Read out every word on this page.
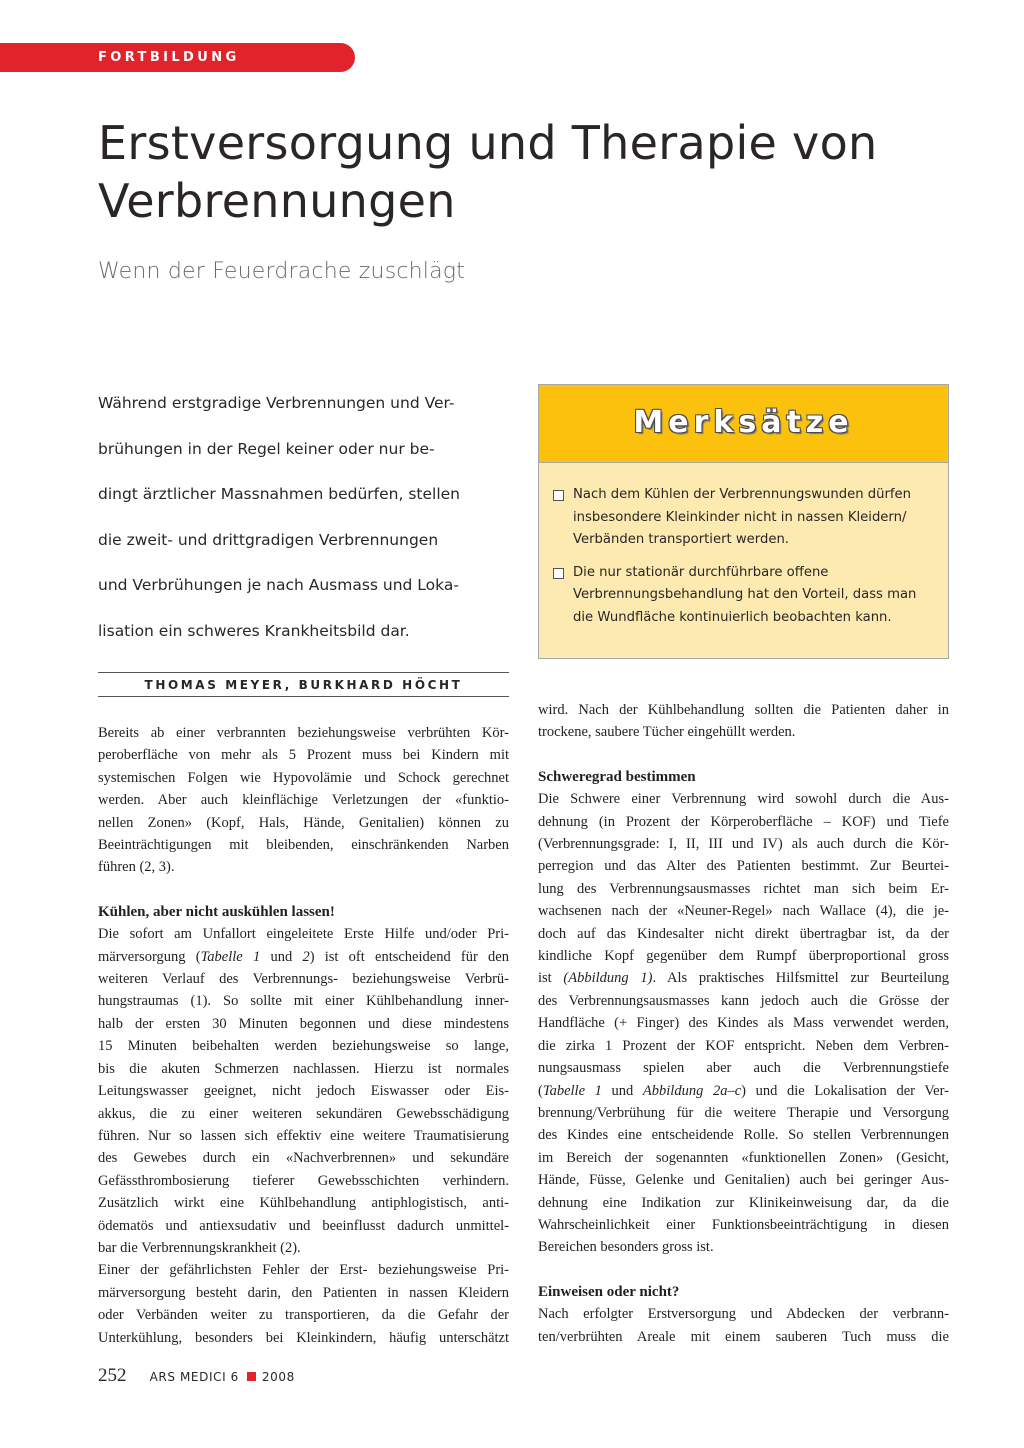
FORTBILDUNG
Erstversorgung und Therapie von Verbrennungen
Wenn der Feuerdrache zuschlägt
Während erstgradige Verbrennungen und Ver-
brühungen in der Regel keiner oder nur be-
dingt ärztlicher Massnahmen bedürfen, stellen
die zweit- und drittgradigen Verbrennungen
und Verbrühungen je nach Ausmass und Loka-
lisation ein schweres Krankheitsbild dar.
Merksätze
Nach dem Kühlen der Verbrennungswunden dürfen insbesondere Kleinkinder nicht in nassen Kleidern/ Verbänden transportiert werden.
Die nur stationär durchführbare offene Verbrennungsbehandlung hat den Vorteil, dass man die Wundfläche kontinuierlich beobachten kann.
THOMAS MEYER, BURKHARD HÖCHT
Bereits ab einer verbrannten beziehungsweise verbrühten Kör-
peroberfläche von mehr als 5 Prozent muss bei Kindern mit
systemischen Folgen wie Hypovolämie und Schock gerechnet
werden. Aber auch kleinflächige Verletzungen der «funktio-
nellen Zonen» (Kopf, Hals, Hände, Genitalien) können zu
Beeinträchtigungen mit bleibenden, einschränkenden Narben
führen (2, 3).
Kühlen, aber nicht auskühlen lassen!
Die sofort am Unfallort eingeleitete Erste Hilfe und/oder Pri-
märversorgung (Tabelle 1 und 2) ist oft entscheidend für den
weiteren Verlauf des Verbrennungs- beziehungsweise Verbrü-
hungstraumas (1). So sollte mit einer Kühlbehandlung inner-
halb der ersten 30 Minuten begonnen und diese mindestens
15 Minuten beibehalten werden beziehungsweise so lange,
bis die akuten Schmerzen nachlassen. Hierzu ist normales
Leitungswasser geeignet, nicht jedoch Eiswasser oder Eis-
akkus, die zu einer weiteren sekundären Gewebsschädigung
führen. Nur so lassen sich effektiv eine weitere Traumatisierung
des Gewebes durch ein «Nachverbrennen» und sekundäre
Gefässthrombosierung tieferer Gewebsschichten verhindern.
Zusätzlich wirkt eine Kühlbehandlung antiphlogistisch, anti-
ödematös und antiexsudativ und beeinflusst dadurch unmittel-
bar die Verbrennungskrankheit (2).
Einer der gefährlichsten Fehler der Erst- beziehungsweise Pri-
märversorgung besteht darin, den Patienten in nassen Kleidern
oder Verbänden weiter zu transportieren, da die Gefahr der
Unterkühlung, besonders bei Kleinkindern, häufig unterschätzt
wird. Nach der Kühlbehandlung sollten die Patienten daher in
trockene, saubere Tücher eingehüllt werden.
Schweregrad bestimmen
Die Schwere einer Verbrennung wird sowohl durch die Aus-
dehnung (in Prozent der Körperoberfläche – KOF) und Tiefe
(Verbrennungsgrade: I, II, III und IV) als auch durch die Kör-
perregion und das Alter des Patienten bestimmt. Zur Beurtei-
lung des Verbrennungsausmasses richtet man sich beim Er-
wachsenen nach der «Neuner-Regel» nach Wallace (4), die je-
doch auf das Kindesalter nicht direkt übertragbar ist, da der
kindliche Kopf gegenüber dem Rumpf überproportional gross
ist (Abbildung 1). Als praktisches Hilfsmittel zur Beurteilung
des Verbrennungsausmasses kann jedoch auch die Grösse der
Handfläche (+ Finger) des Kindes als Mass verwendet werden,
die zirka 1 Prozent der KOF entspricht. Neben dem Verbren-
nungsausmass spielen aber auch die Verbrennungstiefe
(Tabelle 1 und Abbildung 2a–c) und die Lokalisation der Ver-
brennung/Verbrühung für die weitere Therapie und Versorgung
des Kindes eine entscheidende Rolle. So stellen Verbrennungen
im Bereich der sogenannten «funktionellen Zonen» (Gesicht,
Hände, Füsse, Gelenke und Genitalien) auch bei geringer Aus-
dehnung eine Indikation zur Klinikeinweisung dar, da die
Wahrscheinlichkeit einer Funktionsbeeinträchtigung in diesen
Bereichen besonders gross ist.
Einweisen oder nicht?
Nach erfolgter Erstversorgung und Abdecken der verbrann-
ten/verbrühten Areale mit einem sauberen Tuch muss die
252 ARS MEDICI 6 2008
